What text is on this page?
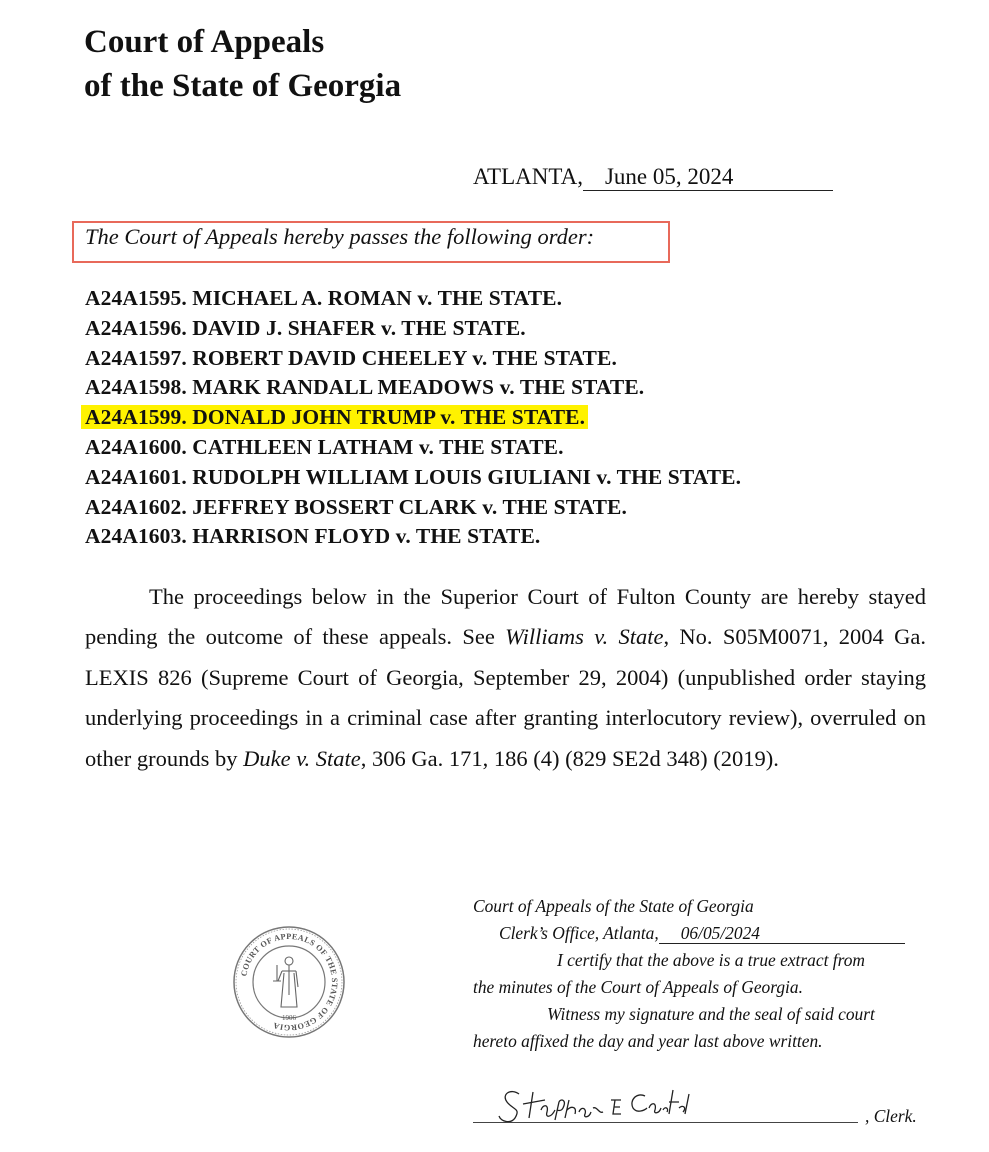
Court of Appeals
of the State of Georgia
ATLANTA, June 05, 2024
The Court of Appeals hereby passes the following order:
A24A1595. MICHAEL A. ROMAN v. THE STATE.
A24A1596. DAVID J. SHAFER v. THE STATE.
A24A1597. ROBERT DAVID CHEELEY v. THE STATE.
A24A1598. MARK RANDALL MEADOWS v. THE STATE.
A24A1599. DONALD JOHN TRUMP v. THE STATE.
A24A1600. CATHLEEN LATHAM v. THE STATE.
A24A1601. RUDOLPH WILLIAM LOUIS GIULIANI v. THE STATE.
A24A1602. JEFFREY BOSSERT CLARK v. THE STATE.
A24A1603. HARRISON FLOYD v. THE STATE.

The proceedings below in the Superior Court of Fulton County are hereby stayed pending the outcome of these appeals. See Williams v. State, No. S05M0071, 2004 Ga. LEXIS 826 (Supreme Court of Georgia, September 29, 2004) (unpublished order staying underlying proceedings in a criminal case after granting interlocutory review), overruled on other grounds by Duke v. State, 306 Ga. 171, 186 (4) (829 SE2d 348) (2019).

COURT OF APPEALS OF THE STATE OF GEORGIA
1906
Court of Appeals of the State of Georgia
Clerk’s Office, Atlanta, 06/05/2024
I certify that the above is a true extract from
the minutes of the Court of Appeals of Georgia.
Witness my signature and the seal of said court
hereto affixed the day and year last above written.
, Clerk.
